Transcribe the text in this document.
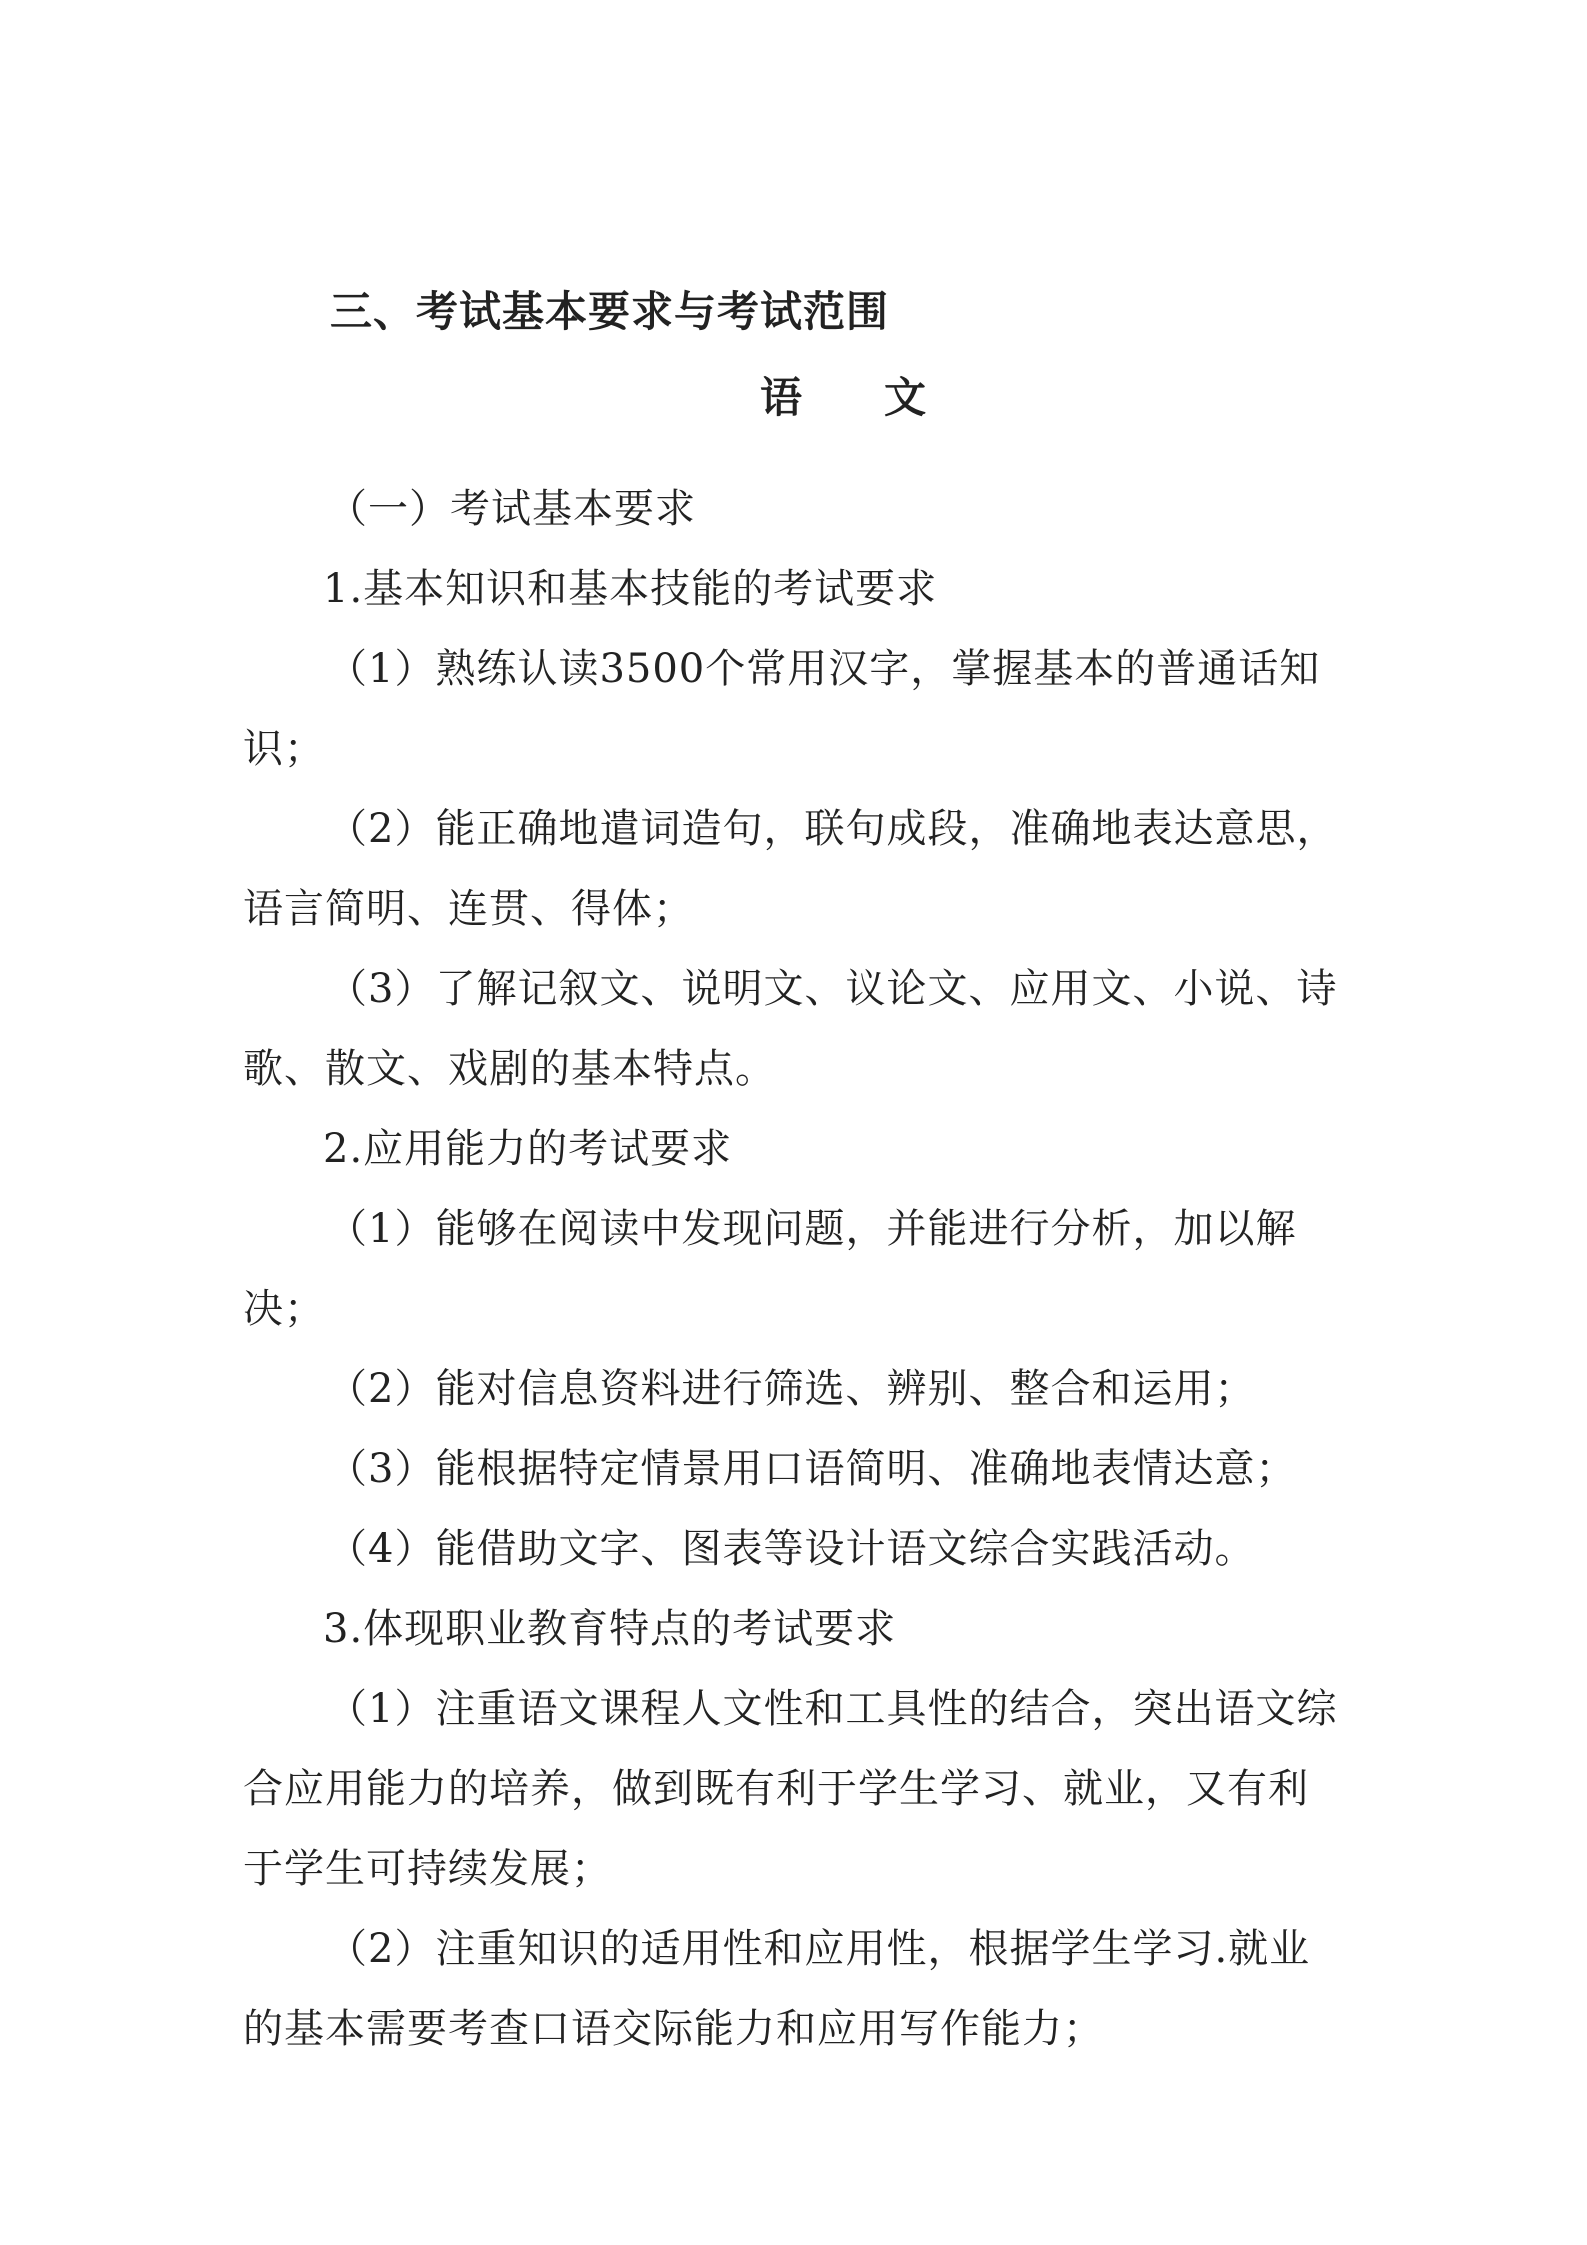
三、考试基本要求与考试范围
语 文

（一）考试基本要求

1.基本知识和基本技能的考试要求

（1）熟练认读3500个常用汉字，掌握基本的普通话知识；

（2）能正确地遣词造句，联句成段，准确地表达意思，语言简明、连贯、得体；

（3）了解记叙文、说明文、议论文、应用文、小说、诗歌、散文、戏剧的基本特点。

2.应用能力的考试要求

（1）能够在阅读中发现问题，并能进行分析，加以解决；

（2）能对信息资料进行筛选、辨别、整合和运用；

（3）能根据特定情景用口语简明、准确地表情达意；

（4）能借助文字、图表等设计语文综合实践活动。

3.体现职业教育特点的考试要求

（1）注重语文课程人文性和工具性的结合，突出语文综合应用能力的培养，做到既有利于学生学习、就业，又有利于学生可持续发展；

（2）注重知识的适用性和应用性，根据学生学习.就业的基本需要考查口语交际能力和应用写作能力；
